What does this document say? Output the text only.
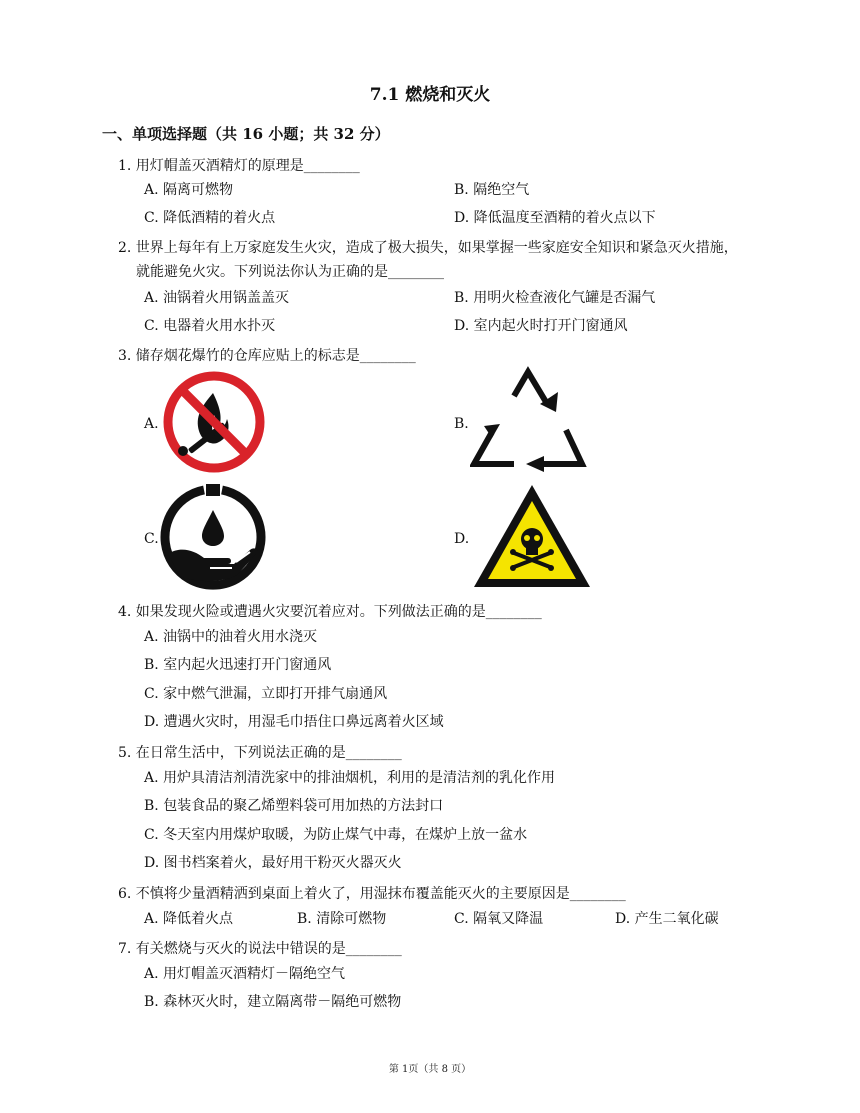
7.1 燃烧和灭火
一、单项选择题（共 16 小题；共 32 分）
1. 用灯帽盖灭酒精灯的原理是________
A. 隔离可燃物	B. 隔绝空气
C. 降低酒精的着火点	D. 降低温度至酒精的着火点以下
2. 世界上每年有上万家庭发生火灾，造成了极大损失，如果掌握一些家庭安全知识和紧急灭火措施，
就能避免火灾。下列说法你认为正确的是________
A. 油锅着火用锅盖盖灭	B. 用明火检查液化气罐是否漏气
C. 电器着火用水扑灭	D. 室内起火时打开门窗通风
3. 储存烟花爆竹的仓库应贴上的标志是________
A.	B.
C.	D.
4. 如果发现火险或遭遇火灾要沉着应对。下列做法正确的是________
A. 油锅中的油着火用水浇灭
B. 室内起火迅速打开门窗通风
C. 家中燃气泄漏，立即打开排气扇通风
D. 遭遇火灾时，用湿毛巾捂住口鼻远离着火区域
5. 在日常生活中，下列说法正确的是________
A. 用炉具清洁剂清洗家中的排油烟机，利用的是清洁剂的乳化作用
B. 包装食品的聚乙烯塑料袋可用加热的方法封口
C. 冬天室内用煤炉取暖，为防止煤气中毒，在煤炉上放一盆水
D. 图书档案着火，最好用干粉灭火器灭火
6. 不慎将少量酒精洒到桌面上着火了，用湿抹布覆盖能灭火的主要原因是________
A. 降低着火点	B. 清除可燃物	C. 隔氧又降温	D. 产生二氧化碳
7. 有关燃烧与灭火的说法中错误的是________
A. 用灯帽盖灭酒精灯－隔绝空气
B. 森林灭火时，建立隔离带－隔绝可燃物
第 1页（共 8 页）
